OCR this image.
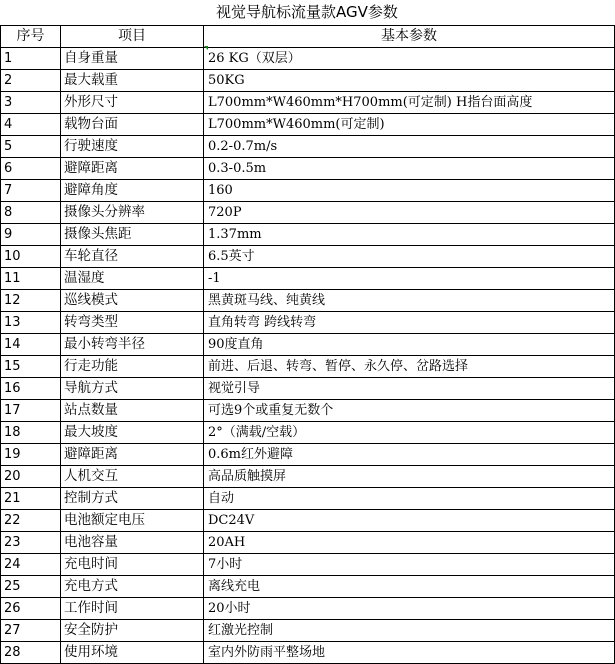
视觉导航标流量款AGV参数
序号	项目	基本参数
1	自身重量	26 KG（双层）
2	最大载重	50KG
3	外形尺寸	L700mm*W460mm*H700mm(可定制) H指台面高度
4	载物台面	L700mm*W460mm(可定制)
5	行驶速度	0.2-0.7m/s
6	避障距离	0.3-0.5m
7	避障角度	160
8	摄像头分辨率	720P
9	摄像头焦距	1.37mm
10	车轮直径	6.5英寸
11	温湿度	-1
12	巡线模式	黑黄斑马线、纯黄线
13	转弯类型	直角转弯 跨线转弯
14	最小转弯半径	90度直角
15	行走功能	前进、后退、转弯、暂停、永久停、岔路选择
16	导航方式	视觉引导
17	站点数量	可选9个或重复无数个
18	最大坡度	2°（满载/空载）
19	避障距离	0.6m红外避障
20	人机交互	高品质触摸屏
21	控制方式	自动
22	电池额定电压	DC24V
23	电池容量	20AH
24	充电时间	7小时
25	充电方式	离线充电
26	工作时间	20小时
27	安全防护	红激光控制
28	使用环境	室内外防雨平整场地
